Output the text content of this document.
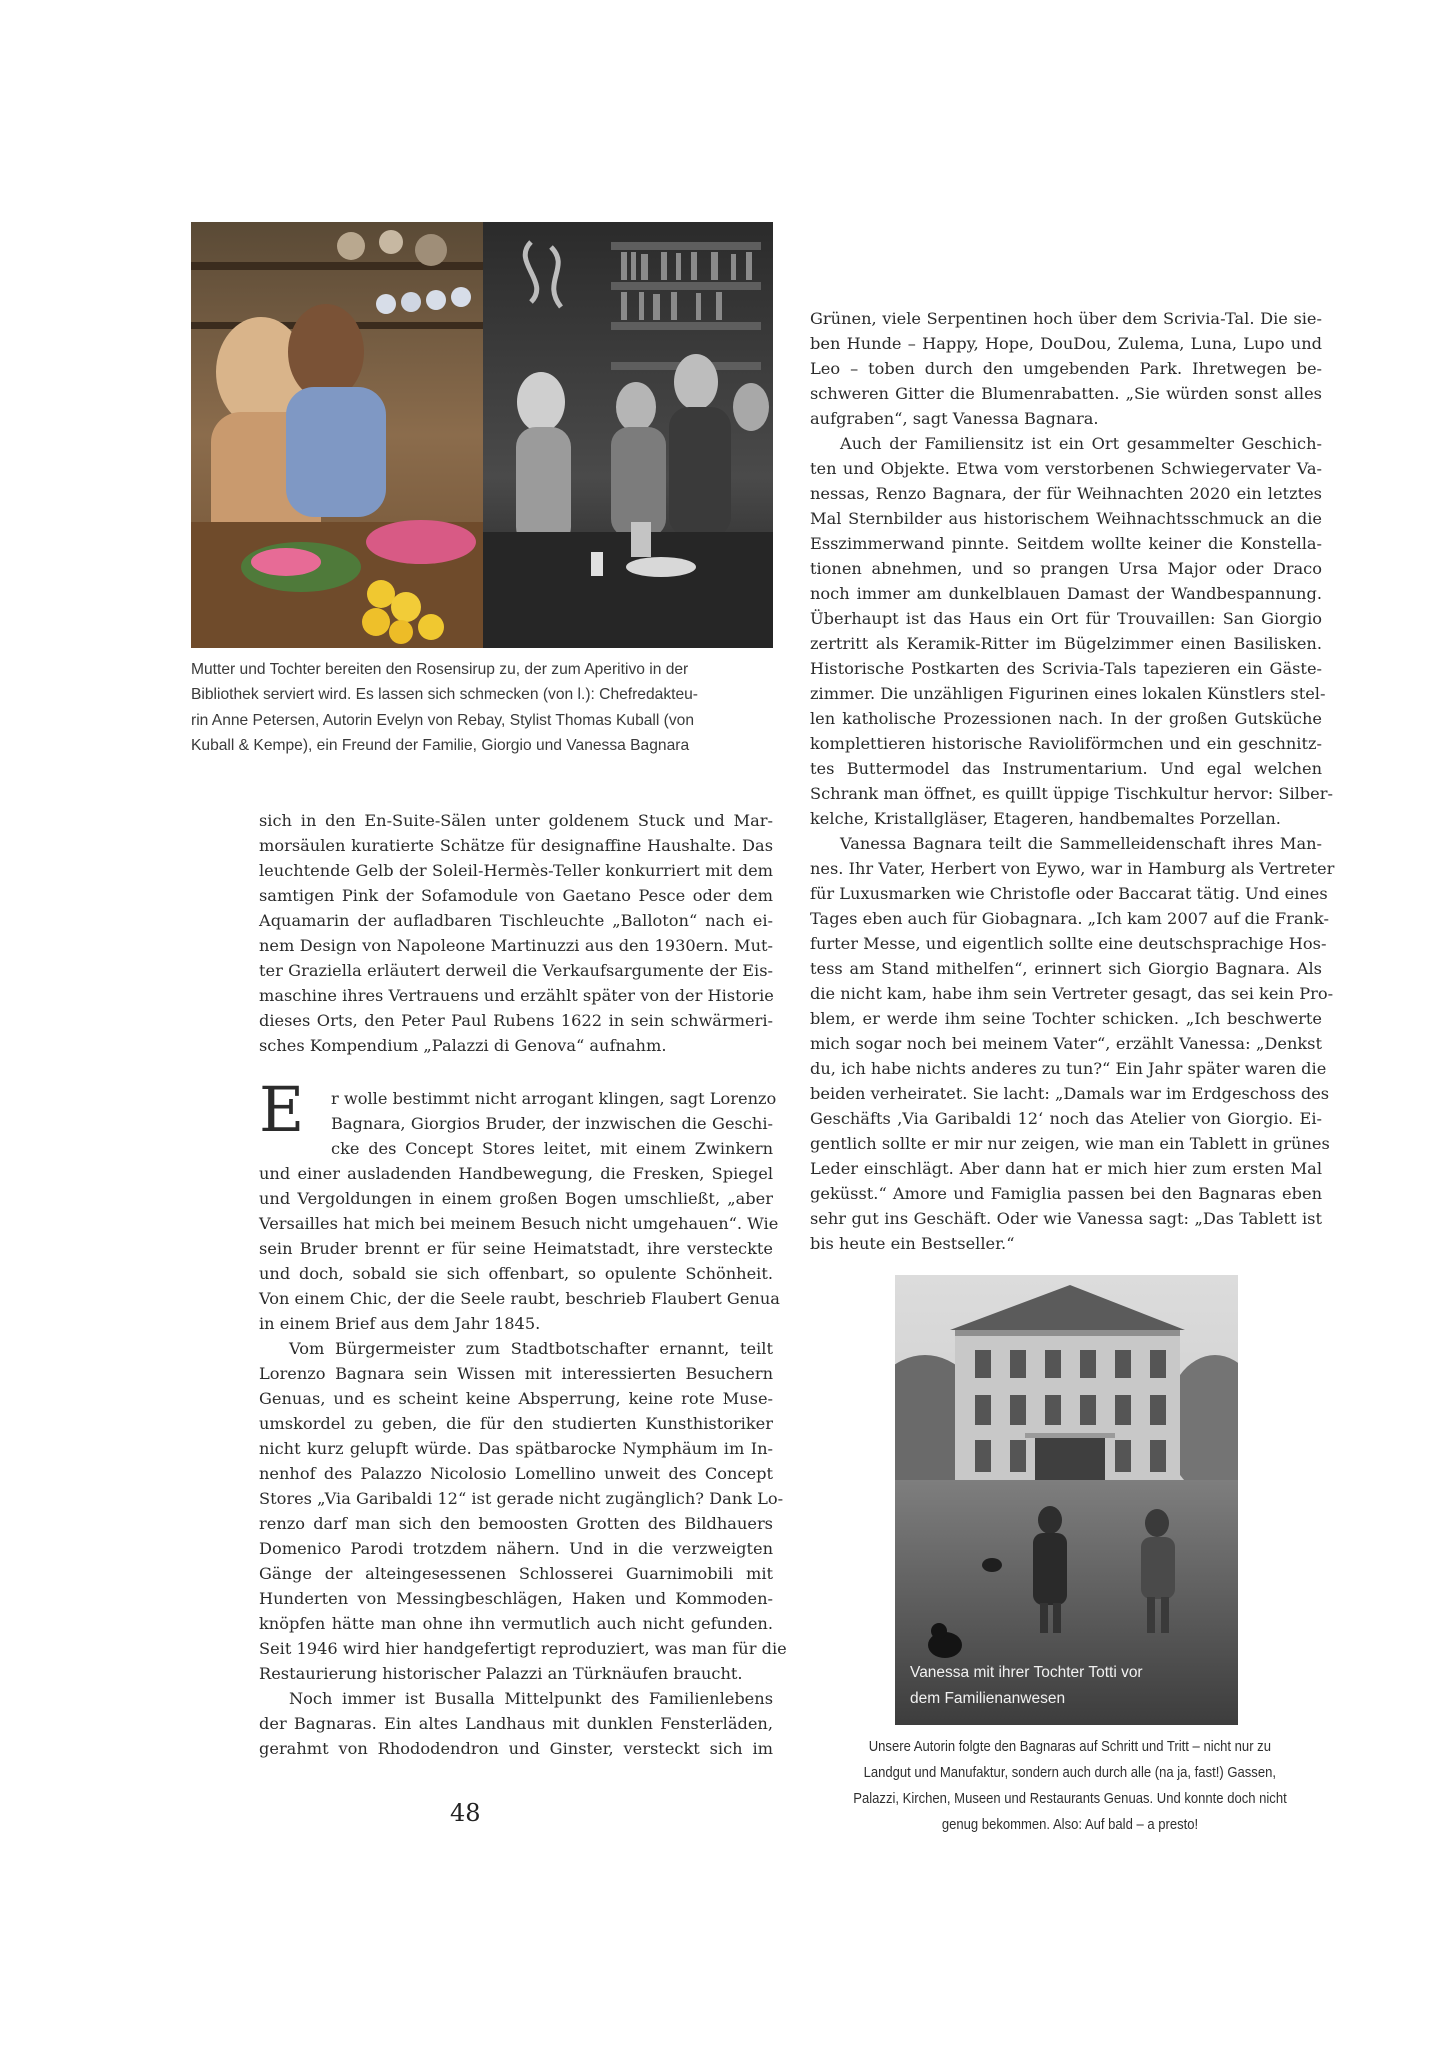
Mutter und Tochter bereiten den Rosensirup zu, der zum Aperitivo in der
Bibliothek serviert wird. Es lassen sich schmecken (von l.): Chefredakteu-
rin Anne Petersen, Autorin Evelyn von Rebay, Stylist Thomas Kuball (von
Kuball & Kempe), ein Freund der Familie, Giorgio und Vanessa Bagnara
sich in den En-Suite-Sälen unter goldenem Stuck und Mar-
morsäulen kuratierte Schätze für designaffine Haushalte. Das
leuchtende Gelb der Soleil-Hermès-Teller konkurriert mit dem
samtigen Pink der Sofamodule von Gaetano Pesce oder dem
Aquamarin der aufladbaren Tischleuchte „Balloton“ nach ei-
nem Design von Napoleone Martinuzzi aus den 1930ern. Mut-
ter Graziella erläutert derweil die Verkaufsargumente der Eis-
maschine ihres Vertrauens und erzählt später von der Historie
dieses Orts, den Peter Paul Rubens 1622 in sein schwärmeri-
sches Kompendium „Palazzi di Genova“ aufnahm.
E	r wolle bestimmt nicht arrogant klingen, sagt Lorenzo
Bagnara, Giorgios Bruder, der inzwischen die Geschi-
cke des Concept Stores leitet, mit einem Zwinkern
und einer ausladenden Handbewegung, die Fresken, Spiegel
und Vergoldungen in einem großen Bogen umschließt, „aber
Versailles hat mich bei meinem Besuch nicht umgehauen“. Wie
sein Bruder brennt er für seine Heimatstadt, ihre versteckte
und doch, sobald sie sich offenbart, so opulente Schönheit.
Von einem Chic, der die Seele raubt, beschrieb Flaubert Genua
in einem Brief aus dem Jahr 1845.
Vom Bürgermeister zum Stadtbotschafter ernannt, teilt
Lorenzo Bagnara sein Wissen mit interessierten Besuchern
Genuas, und es scheint keine Absperrung, keine rote Muse-
umskordel zu geben, die für den studierten Kunsthistoriker
nicht kurz gelupft würde. Das spätbarocke Nymphäum im In-
nenhof des Palazzo Nicolosio Lomellino unweit des Concept
Stores „Via Garibaldi 12“ ist gerade nicht zugänglich? Dank Lo-
renzo darf man sich den bemoosten Grotten des Bildhauers
Domenico Parodi trotzdem nähern. Und in die verzweigten
Gänge der alteingesessenen Schlosserei Guarnimobili mit
Hunderten von Messingbeschlägen, Haken und Kommoden-
knöpfen hätte man ohne ihn vermutlich auch nicht gefunden.
Seit 1946 wird hier handgefertigt reproduziert, was man für die
Restaurierung historischer Palazzi an Türknäufen braucht.
Noch immer ist Busalla Mittelpunkt des Familienlebens
der Bagnaras. Ein altes Landhaus mit dunklen Fensterläden,
gerahmt von Rhododendron und Ginster, versteckt sich im
Grünen, viele Serpentinen hoch über dem Scrivia-Tal. Die sie-
ben Hunde – Happy, Hope, DouDou, Zulema, Luna, Lupo und
Leo – toben durch den umgebenden Park. Ihretwegen be-
schweren Gitter die Blumenrabatten. „Sie würden sonst alles
aufgraben“, sagt Vanessa Bagnara.
Auch der Familiensitz ist ein Ort gesammelter Geschich-
ten und Objekte. Etwa vom verstorbenen Schwiegervater Va-
nessas, Renzo Bagnara, der für Weihnachten 2020 ein letztes
Mal Sternbilder aus historischem Weihnachtsschmuck an die
Esszimmerwand pinnte. Seitdem wollte keiner die Konstella-
tionen abnehmen, und so prangen Ursa Major oder Draco
noch immer am dunkelblauen Damast der Wandbespannung.
Überhaupt ist das Haus ein Ort für Trouvaillen: San Giorgio
zertritt als Keramik-Ritter im Bügelzimmer einen Basilisken.
Historische Postkarten des Scrivia-Tals tapezieren ein Gäste-
zimmer. Die unzähligen Figurinen eines lokalen Künstlers stel-
len katholische Prozessionen nach. In der großen Gutsküche
komplettieren historische Ravioliförmchen und ein geschnitz-
tes Buttermodel das Instrumentarium. Und egal welchen
Schrank man öffnet, es quillt üppige Tischkultur hervor: Silber-
kelche, Kristallgläser, Etageren, handbemaltes Porzellan.
Vanessa Bagnara teilt die Sammelleidenschaft ihres Man-
nes. Ihr Vater, Herbert von Eywo, war in Hamburg als Vertreter
für Luxusmarken wie Christofle oder Baccarat tätig. Und eines
Tages eben auch für Giobagnara. „Ich kam 2007 auf die Frank-
furter Messe, und eigentlich sollte eine deutschsprachige Hos-
tess am Stand mithelfen“, erinnert sich Giorgio Bagnara. Als
die nicht kam, habe ihm sein Vertreter gesagt, das sei kein Pro-
blem, er werde ihm seine Tochter schicken. „Ich beschwerte
mich sogar noch bei meinem Vater“, erzählt Vanessa: „Denkst
du, ich habe nichts anderes zu tun?“ Ein Jahr später waren die
beiden verheiratet. Sie lacht: „Damals war im Erdgeschoss des
Geschäfts ‚Via Garibaldi 12‘ noch das Atelier von Giorgio. Ei-
gentlich sollte er mir nur zeigen, wie man ein Tablett in grünes
Leder einschlägt. Aber dann hat er mich hier zum ersten Mal
geküsst.“ Amore und Famiglia passen bei den Bagnaras eben
sehr gut ins Geschäft. Oder wie Vanessa sagt: „Das Tablett ist
bis heute ein Bestseller.“
Vanessa mit ihrer Tochter Totti vor
dem Familienanwesen
Unsere Autorin folgte den Bagnaras auf Schritt und Tritt – nicht nur zu
Landgut und Manufaktur, sondern auch durch alle (na ja, fast!) Gassen,
Palazzi, Kirchen, Museen und Restaurants Genuas. Und konnte doch nicht
genug bekommen. Also: Auf bald – a presto!
48
